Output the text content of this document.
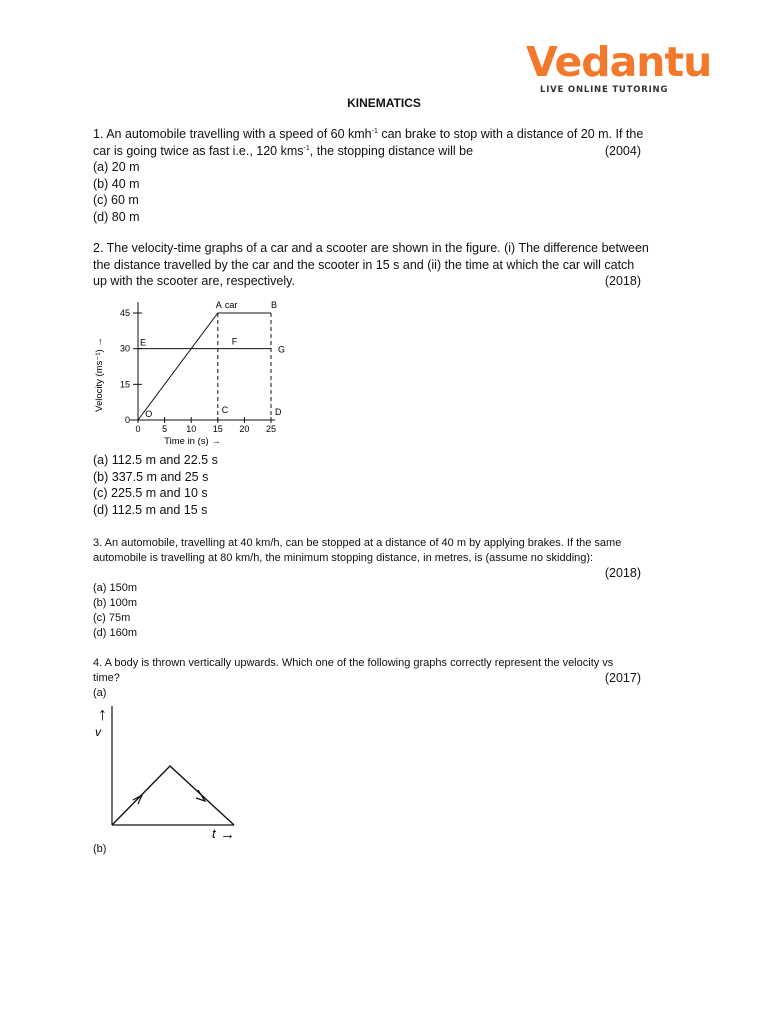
Vedantu
LIVE ONLINE TUTORING
KINEMATICS
1. An automobile travelling with a speed of 60 kmh$^{-1}$ can brake to stop with a distance of 20 m. If the
car is going twice as fast i.e., 120 kms$^{-1}$, the stopping distance will be	(2004)
(a) 20 m
(b) 40 m
(c) 60 m
(d) 80 m
2. The velocity-time graphs of a car and a scooter are shown in the figure. (i) The difference between
the distance travelled by the car and the scooter in 15 s and (ii) the time at which the car will catch
up with the scooter are, respectively.	(2018)
0
15
30
45
0 5 10 15 20 25
O
A car	B
E	F
G
C	D
Time in (s) →
Velocity (ms⁻¹) →
(a) 112.5 m and 22.5 s
(b) 337.5 m and 25 s
(c) 225.5 m and 10 s
(d) 112.5 m and 15 s
3. An automobile, travelling at 40 km/h, can be stopped at a distance of 40 m by applying brakes. If the same
automobile is travelling at 80 km/h, the minimum stopping distance, in metres, is (assume no skidding):
(2018)
(a) 150m
(b) 100m
(c) 75m
(d) 160m
4. A body is thrown vertically upwards. Which one of the following graphs correctly represent the velocity vs
time?	(2017)
(a)
↑
v
t →
(b)
